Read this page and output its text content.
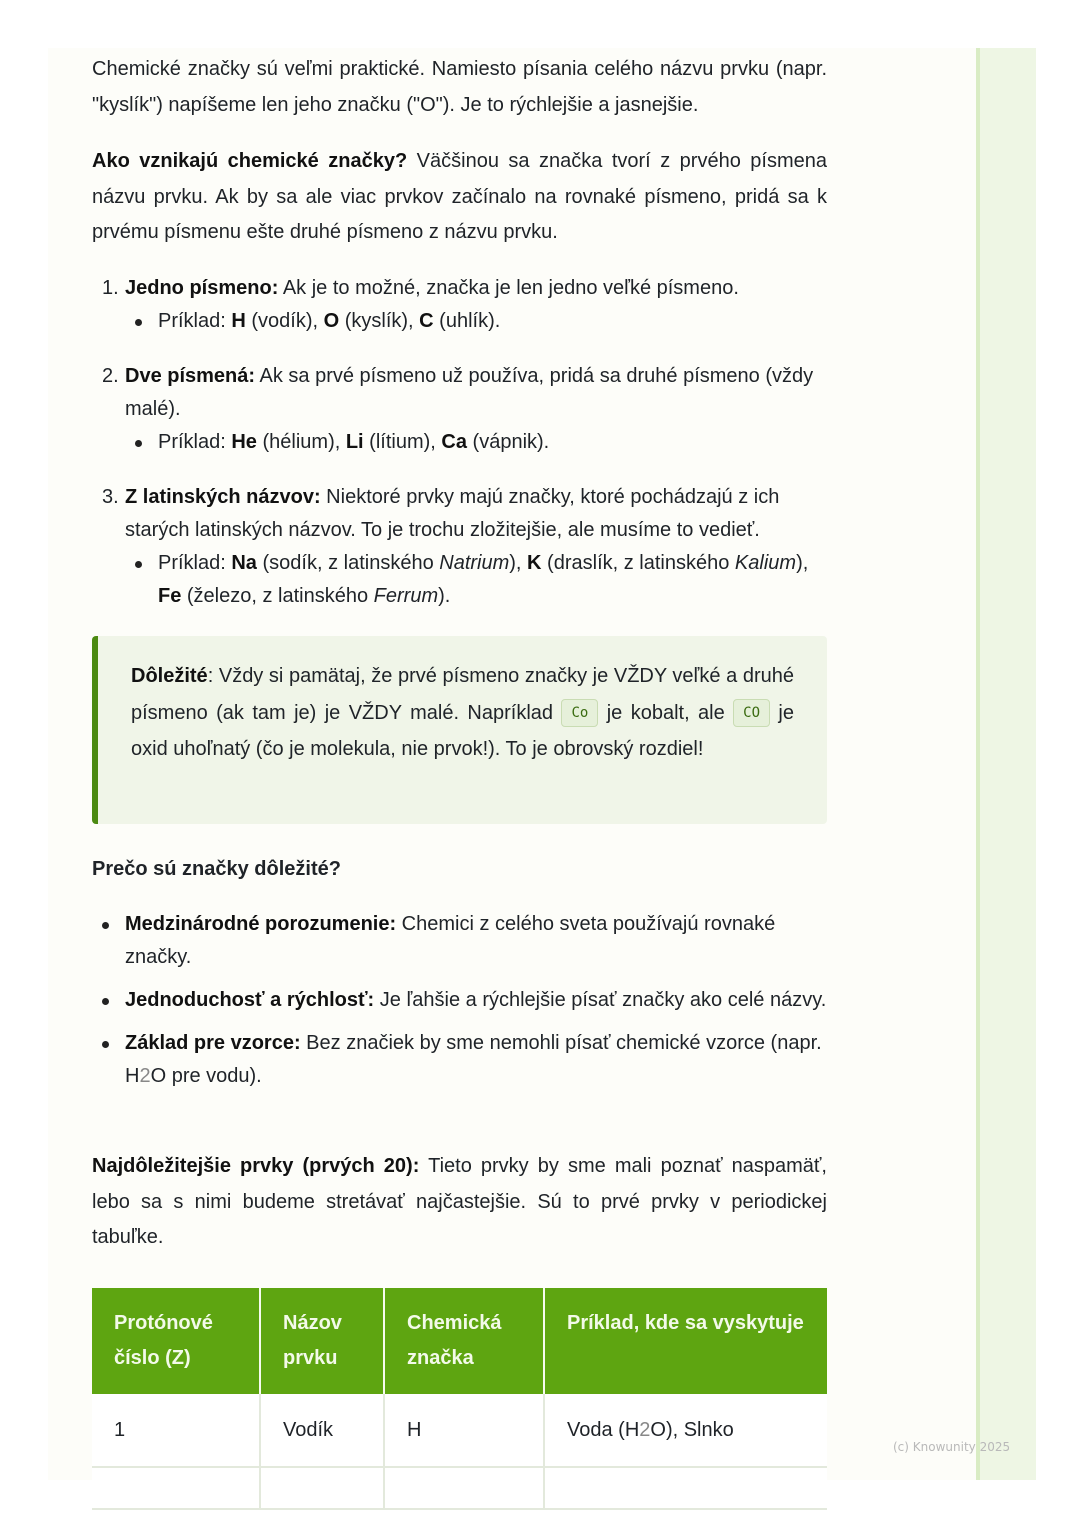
Chemické značky sú veľmi praktické. Namiesto písania celého názvu prvku (napr. "kyslík") napíšeme len jeho značku ("O"). Je to rýchlejšie a jasnejšie.

Ako vznikajú chemické značky? Väčšinou sa značka tvorí z prvého písmena názvu prvku. Ak by sa ale viac prvkov začínalo na rovnaké písmeno, pridá sa k prvému písmenu ešte druhé písmeno z názvu prvku.

1. Jedno písmeno: Ak je to možné, značka je len jedno veľké písmeno.
Príklad: H (vodík), O (kyslík), C (uhlík).
2. Dve písmená: Ak sa prvé písmeno už používa, pridá sa druhé písmeno (vždy malé).
Príklad: He (hélium), Li (lítium), Ca (vápnik).
3. Z latinských názvov: Niektoré prvky majú značky, ktoré pochádzajú z ich starých latinských názvov. To je trochu zložitejšie, ale musíme to vedieť.
Príklad: Na (sodík, z latinského Natrium), K (draslík, z latinského Kalium), Fe (železo, z latinského Ferrum).

Dôležité: Vždy si pamätaj, že prvé písmeno značky je VŽDY veľké a druhé písmeno (ak tam je) je VŽDY malé. Napríklad Co je kobalt, ale CO je oxid uhoľnatý (čo je molekula, nie prvok!). To je obrovský rozdiel!

Prečo sú značky dôležité?
Medzinárodné porozumenie: Chemici z celého sveta používajú rovnaké značky.
Jednoduchosť a rýchlosť: Je ľahšie a rýchlejšie písať značky ako celé názvy.
Základ pre vzorce: Bez značiek by sme nemohli písať chemické vzorce (napr. H2O pre vodu).

Najdôležitejšie prvky (prvých 20): Tieto prvky by sme mali poznať naspamäť, lebo sa s nimi budeme stretávať najčastejšie. Sú to prvé prvky v periodickej tabuľke.

Protónové číslo (Z)	Názov prvku	Chemická značka	Príklad, kde sa vyskytuje
1	Vodík	H	Voda (H2O), Slnko

(c) Knowunity 2025
